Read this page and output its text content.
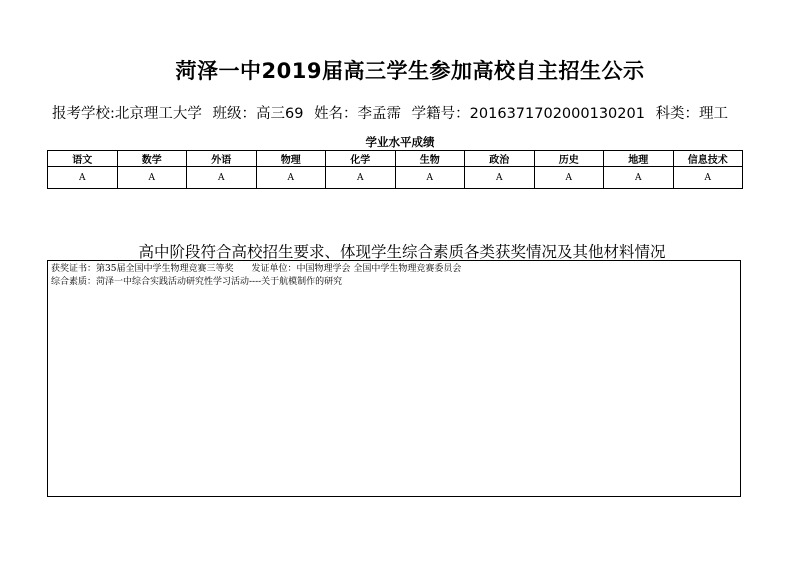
菏泽一中2019届高三学生参加高校自主招生公示
报考学校:北京理工大学 班级：高三69 姓名：李孟霈 学籍号：2016371702000130201 科类：理工
学业水平成绩
语文	数学	外语	物理	化学	生物	政治	历史	地理	信息技术
A	A	A	A	A	A	A	A	A	A
高中阶段符合高校招生要求、体现学生综合素质各类获奖情况及其他材料情况
获奖证书：第35届全国中学生物理竞赛三等奖 发证单位：中国物理学会 全国中学生物理竞赛委员会
综合素质：菏泽一中综合实践活动研究性学习活动----关于航模制作的研究
